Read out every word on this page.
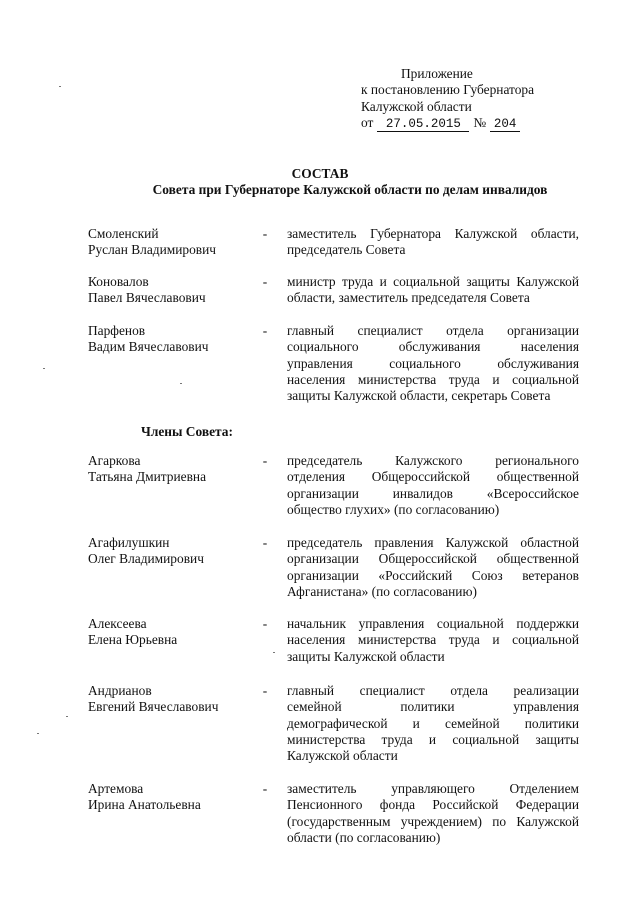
Приложение
к постановлению Губернатора
Калужской области
от 27.05.2015 № 204
СОСТАВ
Совета при Губернаторе Калужской области по делам инвалидов
Смоленский
Руслан Владимирович
- заместитель Губернатора Калужской области,
председатель Совета
Коновалов
Павел Вячеславович
- министр труда и социальной защиты Калужской
области, заместитель председателя Совета
Парфенов
Вадим Вячеславович
- главный специалист отдела организации
социального обслуживания населения
управления социального обслуживания
населения министерства труда и социальной
защиты Калужской области, секретарь Совета
Члены Совета:
Агаркова
Татьяна Дмитриевна
- председатель Калужского регионального
отделения Общероссийской общественной
организации инвалидов «Всероссийское
общество глухих» (по согласованию)
Агафилушкин
Олег Владимирович
- председатель правления Калужской областной
организации Общероссийской общественной
организации «Российский Союз ветеранов
Афганистана» (по согласованию)
Алексеева
Елена Юрьевна
- начальник управления социальной поддержки
населения министерства труда и социальной
защиты Калужской области
Андрианов
Евгений Вячеславович
- главный специалист отдела реализации
семейной политики управления
демографической и семейной политики
министерства труда и социальной защиты
Калужской области
Артемова
Ирина Анатольевна
- заместитель управляющего Отделением
Пенсионного фонда Российской Федерации
(государственным учреждением) по Калужской
области (по согласованию)
